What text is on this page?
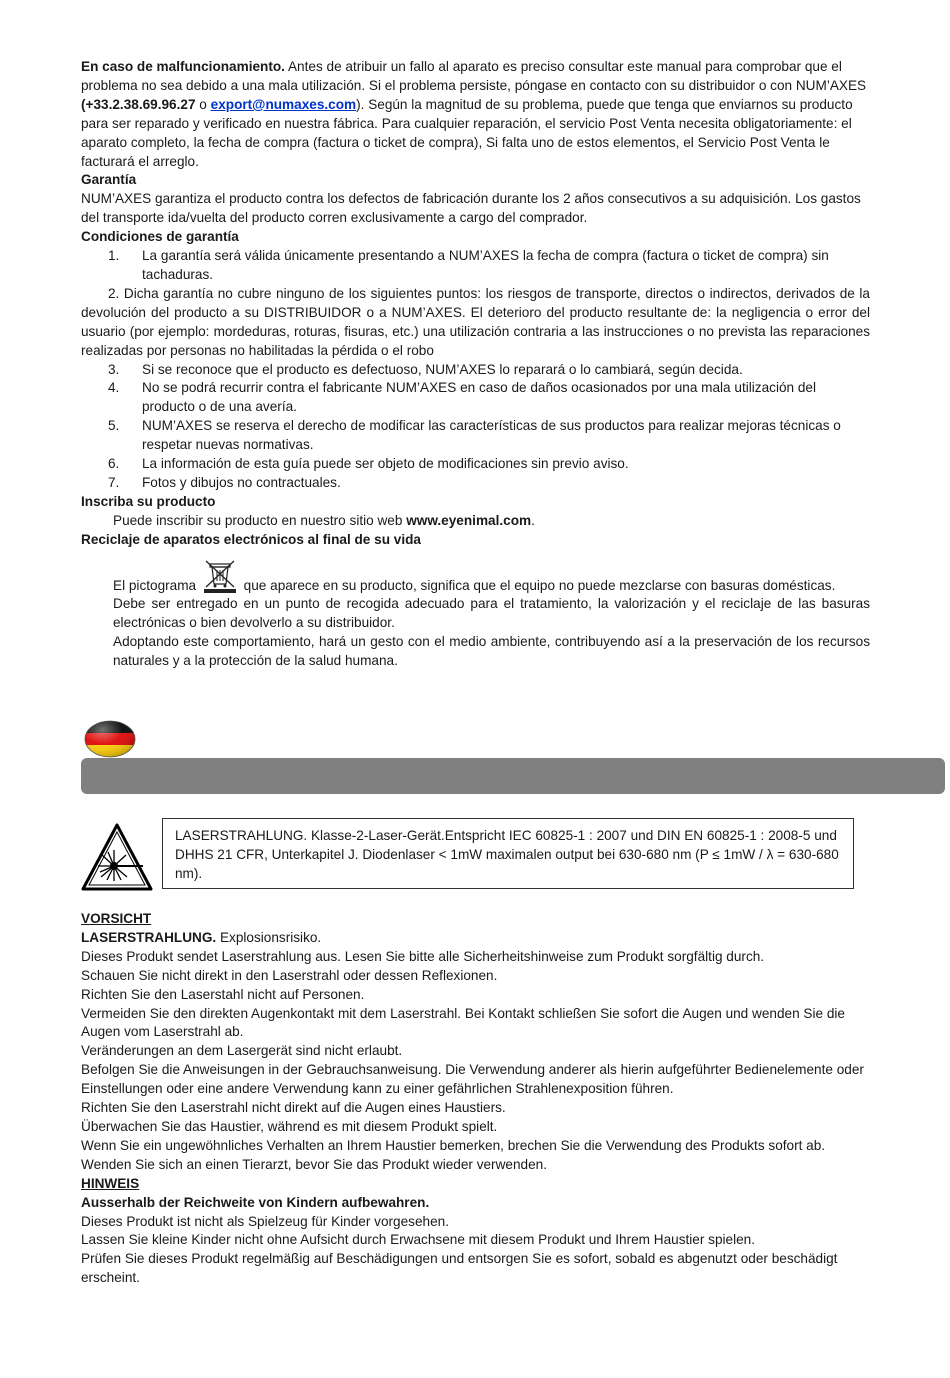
En caso de malfuncionamiento. Antes de atribuir un fallo al aparato es preciso consultar este manual para comprobar que el problema no sea debido a una mala utilización. Si el problema persiste, póngase en contacto con su distribuidor o con NUM’AXES (+33.2.38.69.96.27 o export@numaxes.com). Según la magnitud de su problema, puede que tenga que enviarnos su producto para ser reparado y verificado en nuestra fábrica. Para cualquier reparación, el servicio Post Venta necesita obligatoriamente: el aparato completo, la fecha de compra (factura o ticket de compra), Si falta uno de estos elementos, el Servicio Post Venta le facturará el arreglo.

Garantía

NUM’AXES garantiza el producto contra los defectos de fabricación durante los 2 años consecutivos a su adquisición. Los gastos del transporte ida/vuelta del producto corren exclusivamente a cargo del comprador.

Condiciones de garantía

1.	La garantía será válida únicamente presentando a NUM’AXES la fecha de compra (factura o ticket de compra) sin tachaduras.

2. Dicha garantía no cubre ninguno de los siguientes puntos: los riesgos de transporte, directos o indirectos, derivados de la devolución del producto a su DISTRIBUIDOR o a NUM’AXES. El deterioro del producto resultante de: la negligencia o error del usuario (por ejemplo: mordeduras, roturas, fisuras, etc.) una utilización contraria a las instrucciones o no prevista las reparaciones realizadas por personas no habilitadas la pérdida o el robo

3.	Si se reconoce que el producto es defectuoso, NUM’AXES lo reparará o lo cambiará, según decida.
4.	No se podrá recurrir contra el fabricante NUM’AXES en caso de daños ocasionados por una mala utilización del producto o de una avería.
5.	NUM’AXES se reserva el derecho de modificar las características de sus productos para realizar mejoras técnicas o respetar nuevas normativas.
6.	La información de esta guía puede ser objeto de modificaciones sin previo aviso.
7.	Fotos y dibujos no contractuales.

Inscriba su producto

Puede inscribir su producto en nuestro sitio web www.eyenimal.com.

Reciclaje de aparatos electrónicos al final de su vida

El pictograma	que aparece en su producto, significa que el equipo no puede mezclarse con basuras domésticas.

Debe ser entregado en un punto de recogida adecuado para el tratamiento, la valorización y el reciclaje de las basuras electrónicas o bien devolverlo a su distribuidor.

Adoptando este comportamiento, hará un gesto con el medio ambiente, contribuyendo así a la preservación de los recursos naturales y a la protección de la salud humana.

LASERSTRAHLUNG. Klasse-2-Laser-Gerät.Entspricht IEC 60825-1 : 2007 und DIN EN 60825-1 : 2008-5 und DHHS 21 CFR, Unterkapitel J. Diodenlaser < 1mW maximalen output bei 630-680 nm (P ≤ 1mW / λ = 630-680 nm).

VORSICHT

LASERSTRAHLUNG. Explosionsrisiko.

Dieses Produkt sendet Laserstrahlung aus. Lesen Sie bitte alle Sicherheitshinweise zum Produkt sorgfältig durch.

Schauen Sie nicht direkt in den Laserstrahl oder dessen Reflexionen.

Richten Sie den Laserstahl nicht auf Personen.

Vermeiden Sie den direkten Augenkontakt mit dem Laserstrahl. Bei Kontakt schließen Sie sofort die Augen und wenden Sie die Augen vom Laserstrahl ab.

Veränderungen an dem Lasergerät sind nicht erlaubt.

Befolgen Sie die Anweisungen in der Gebrauchsanweisung. Die Verwendung anderer als hierin aufgeführter Bedienelemente oder Einstellungen oder eine andere Verwendung kann zu einer gefährlichen Strahlenexposition führen.

Richten Sie den Laserstrahl nicht direkt auf die Augen eines Haustiers.

Überwachen Sie das Haustier, während es mit diesem Produkt spielt.

Wenn Sie ein ungewöhnliches Verhalten an Ihrem Haustier bemerken, brechen Sie die Verwendung des Produkts sofort ab.

Wenden Sie sich an einen Tierarzt, bevor Sie das Produkt wieder verwenden.

HINWEIS

Ausserhalb der Reichweite von Kindern aufbewahren.

Dieses Produkt ist nicht als Spielzeug für Kinder vorgesehen.

Lassen Sie kleine Kinder nicht ohne Aufsicht durch Erwachsene mit diesem Produkt und Ihrem Haustier spielen.

Prüfen Sie dieses Produkt regelmäßig auf Beschädigungen und entsorgen Sie es sofort, sobald es abgenutzt oder beschädigt erscheint.
